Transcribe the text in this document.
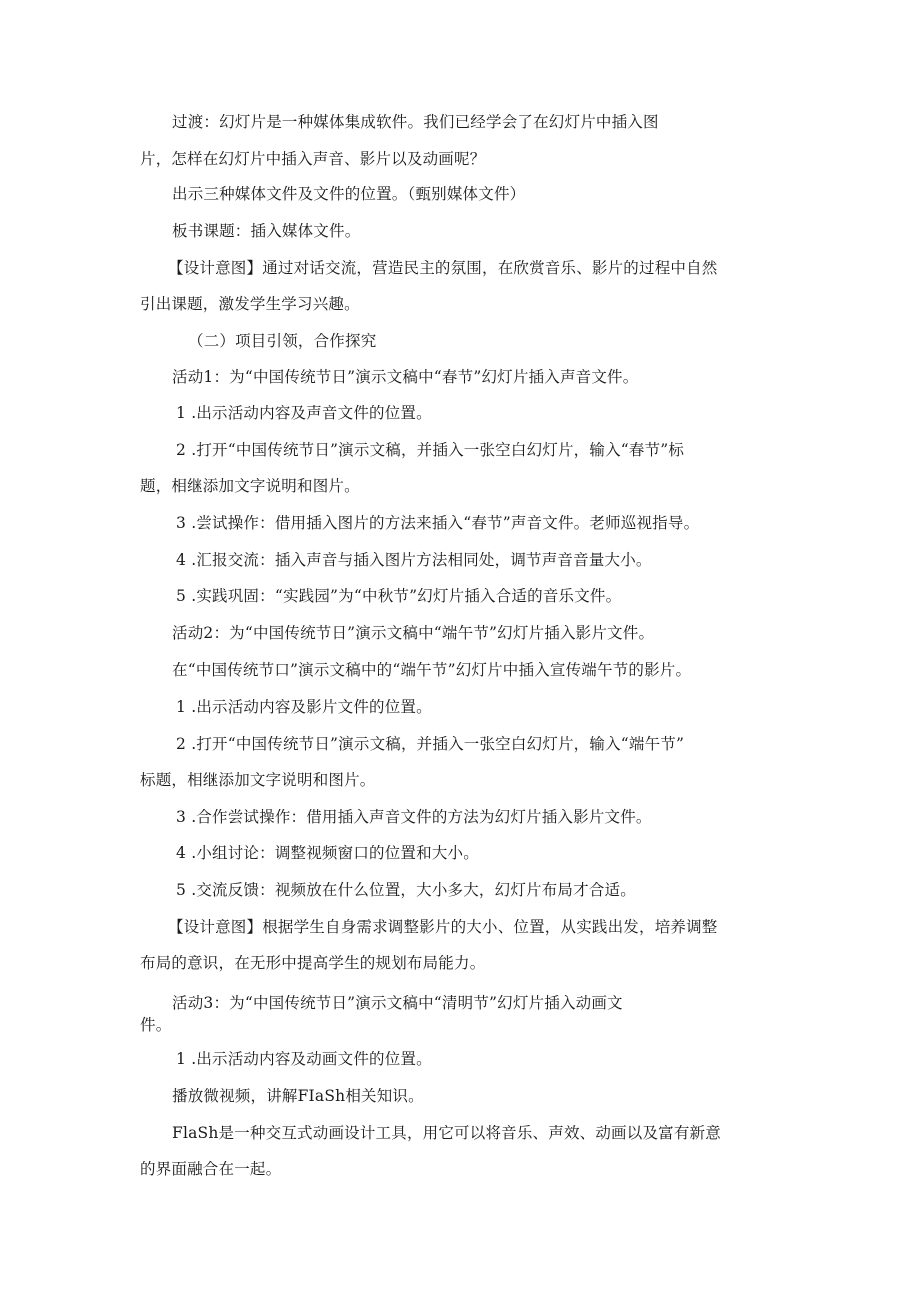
过渡：幻灯片是一种媒体集成软件。我们已经学会了在幻灯片中插入图
片，怎样在幻灯片中插入声音、影片以及动画呢？
出示三种媒体文件及文件的位置。（甄别媒体文件）
板书课题：插入媒体文件。
【设计意图】通过对话交流，营造民主的氛围，在欣赏音乐、影片的过程中自然
引出课题，激发学生学习兴趣。
（二）项目引领，合作探究
活动1：为“中国传统节日”演示文稿中“春节”幻灯片插入声音文件。
1 .出示活动内容及声音文件的位置。
2 .打开“中国传统节日”演示文稿，并插入一张空白幻灯片，输入“春节”标
题，相继添加文字说明和图片。
3 .尝试操作：借用插入图片的方法来插入“春节”声音文件。老师巡视指导。
4 .汇报交流：插入声音与插入图片方法相同处，调节声音音量大小。
5 .实践巩固：“实践园”为“中秋节”幻灯片插入合适的音乐文件。
活动2：为“中国传统节日”演示文稿中“端午节”幻灯片插入影片文件。
在“中国传统节口”演示文稿中的“端午节”幻灯片中插入宣传端午节的影片。
1 .出示活动内容及影片文件的位置。
2 .打开“中国传统节日”演示文稿，并插入一张空白幻灯片，输入“端午节”
标题，相继添加文字说明和图片。
3 .合作尝试操作：借用插入声音文件的方法为幻灯片插入影片文件。
4 .小组讨论：调整视频窗口的位置和大小。
5 .交流反馈：视频放在什么位置，大小多大，幻灯片布局才合适。
【设计意图】根据学生自身需求调整影片的大小、位置，从实践出发，培养调整
布局的意识，在无形中提高学生的规划布局能力。
活动3：为“中国传统节日”演示文稿中“清明节”幻灯片插入动画文
件。
1 .出示活动内容及动画文件的位置。
播放微视频，讲解FIaSh相关知识。
FlaSh是一种交互式动画设计工具，用它可以将音乐、声效、动画以及富有新意
的界面融合在一起。
